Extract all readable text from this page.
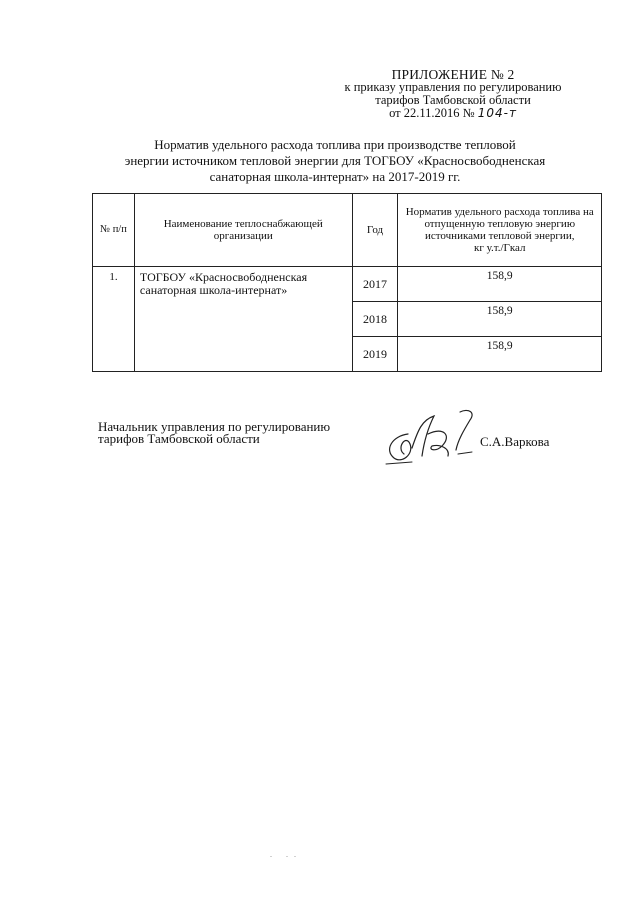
ПРИЛОЖЕНИЕ № 2
к приказу управления по регулированию
тарифов Тамбовской области
от 22.11.2016 № 104-т
Норматив удельного расхода топлива при производстве тепловой
энергии источником тепловой энергии для ТОГБОУ «Красносвободненская
санаторная школа-интернат» на 2017-2019 гг.
№ п/п	Наименование теплоснабжающей организации	Год	Норматив удельного расхода топлива на отпущенную тепловую энергию источниками тепловой энергии,
кг у.т./Гкал

1.	ТОГБОУ «Красносвободненская санаторная школа-интернат»	2017	158,9
		2018	158,9
		2019	158,9
Начальник управления по регулированию
тарифов Тамбовской области	С.А.Варкова
. ..
